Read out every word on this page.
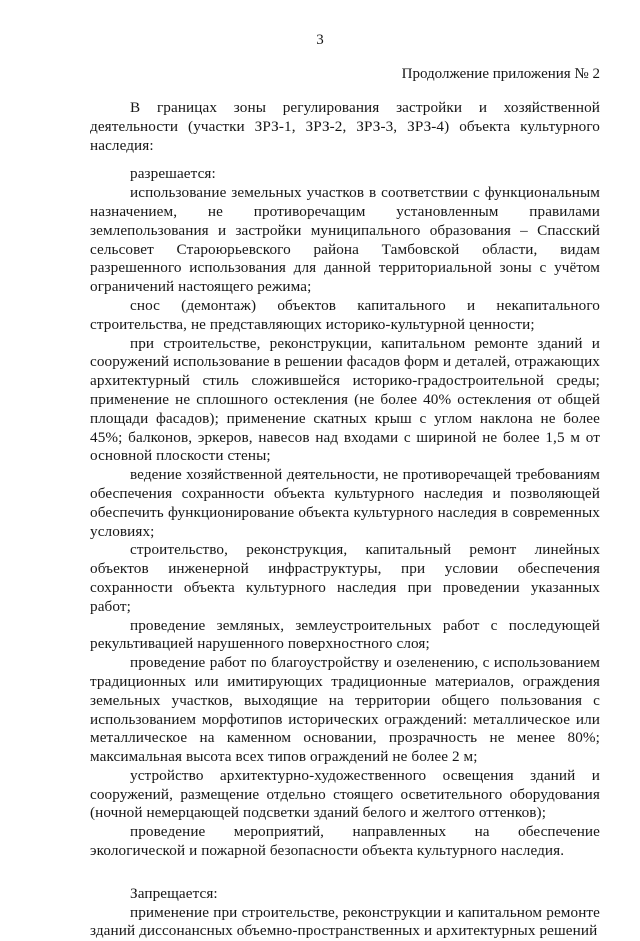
3
Продолжение приложения № 2

В границах зоны регулирования застройки и хозяйственной деятельности (участки ЗРЗ-1, ЗРЗ-2, ЗРЗ-3, ЗРЗ-4) объекта культурного наследия:

разрешается:

использование земельных участков в соответствии с функциональным назначением, не противоречащим установленным правилами землепользования и застройки муниципального образования – Спасский сельсовет Староюрьевского района Тамбовской области, видам разрешенного использования для данной территориальной зоны с учётом ограничений настоящего режима;

снос (демонтаж) объектов капитального и некапитального строительства, не представляющих историко-культурной ценности;

при строительстве, реконструкции, капитальном ремонте зданий и сооружений использование в решении фасадов форм и деталей, отражающих архитектурный стиль сложившейся историко-градостроительной среды; применение не сплошного остекления (не более 40% остекления от общей площади фасадов); применение скатных крыш с углом наклона не более 45%; балконов, эркеров, навесов над входами с шириной не более 1,5 м от основной плоскости стены;

ведение хозяйственной деятельности, не противоречащей требованиям обеспечения сохранности объекта культурного наследия и позволяющей обеспечить функционирование объекта культурного наследия в современных условиях;

строительство, реконструкция, капитальный ремонт линейных объектов инженерной инфраструктуры, при условии обеспечения сохранности объекта культурного наследия при проведении указанных работ;

проведение земляных, землеустроительных работ с последующей рекультивацией нарушенного поверхностного слоя;

проведение работ по благоустройству и озеленению, с использованием традиционных или имитирующих традиционные материалов, ограждения земельных участков, выходящие на территории общего пользования с использованием морфотипов исторических ограждений: металлическое или металлическое на каменном основании, прозрачность не менее 80%; максимальная высота всех типов ограждений не более 2 м;

устройство архитектурно-художественного освещения зданий и сооружений, размещение отдельно стоящего осветительного оборудования (ночной немерцающей подсветки зданий белого и желтого оттенков);

проведение мероприятий, направленных на обеспечение экологической и пожарной безопасности объекта культурного наследия.

Запрещается:

применение при строительстве, реконструкции и капитальном ремонте зданий диссонансных объемно-пространственных и архитектурных решений
